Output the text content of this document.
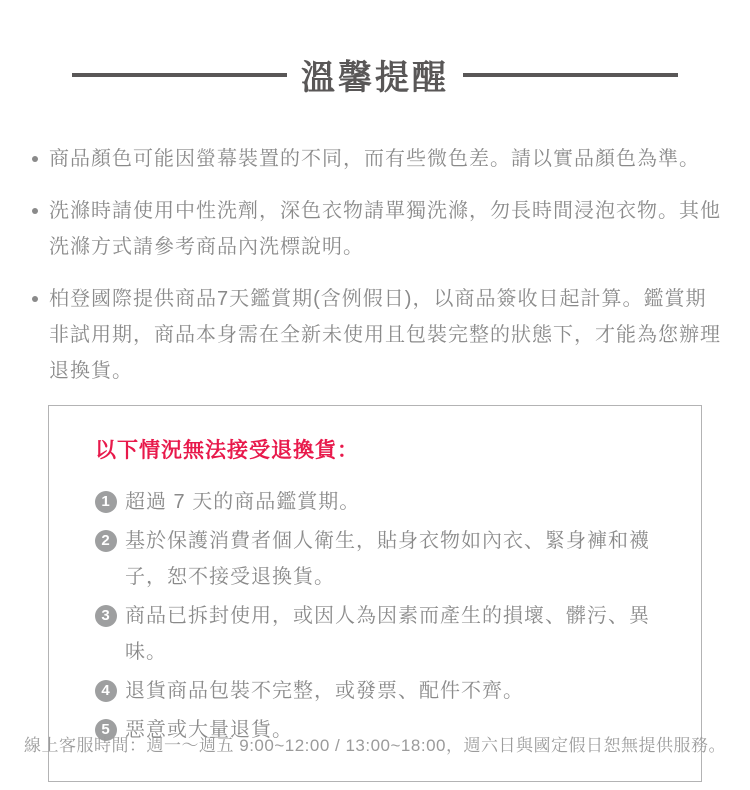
溫馨提醒
商品顏色可能因螢幕裝置的不同，而有些微色差。請以實品顏色為準。
洗滌時請使用中性洗劑，深色衣物請單獨洗滌，勿長時間浸泡衣物。其他洗滌方式請參考商品內洗標說明。
柏登國際提供商品7天鑑賞期(含例假日)，以商品簽收日起計算。鑑賞期非試用期，商品本身需在全新未使用且包裝完整的狀態下，才能為您辦理退換貨。
以下情況無法接受退換貨：
1 超過 7 天的商品鑑賞期。
2 基於保護消費者個人衛生，貼身衣物如內衣、緊身褲和襪子，恕不接受退換貨。
3 商品已拆封使用，或因人為因素而產生的損壞、髒污、異味。
4 退貨商品包裝不完整，或發票、配件不齊。
5 惡意或大量退貨。
線上客服時間：週一～週五 9:00~12:00 / 13:00~18:00，週六日與國定假日恕無提供服務。
